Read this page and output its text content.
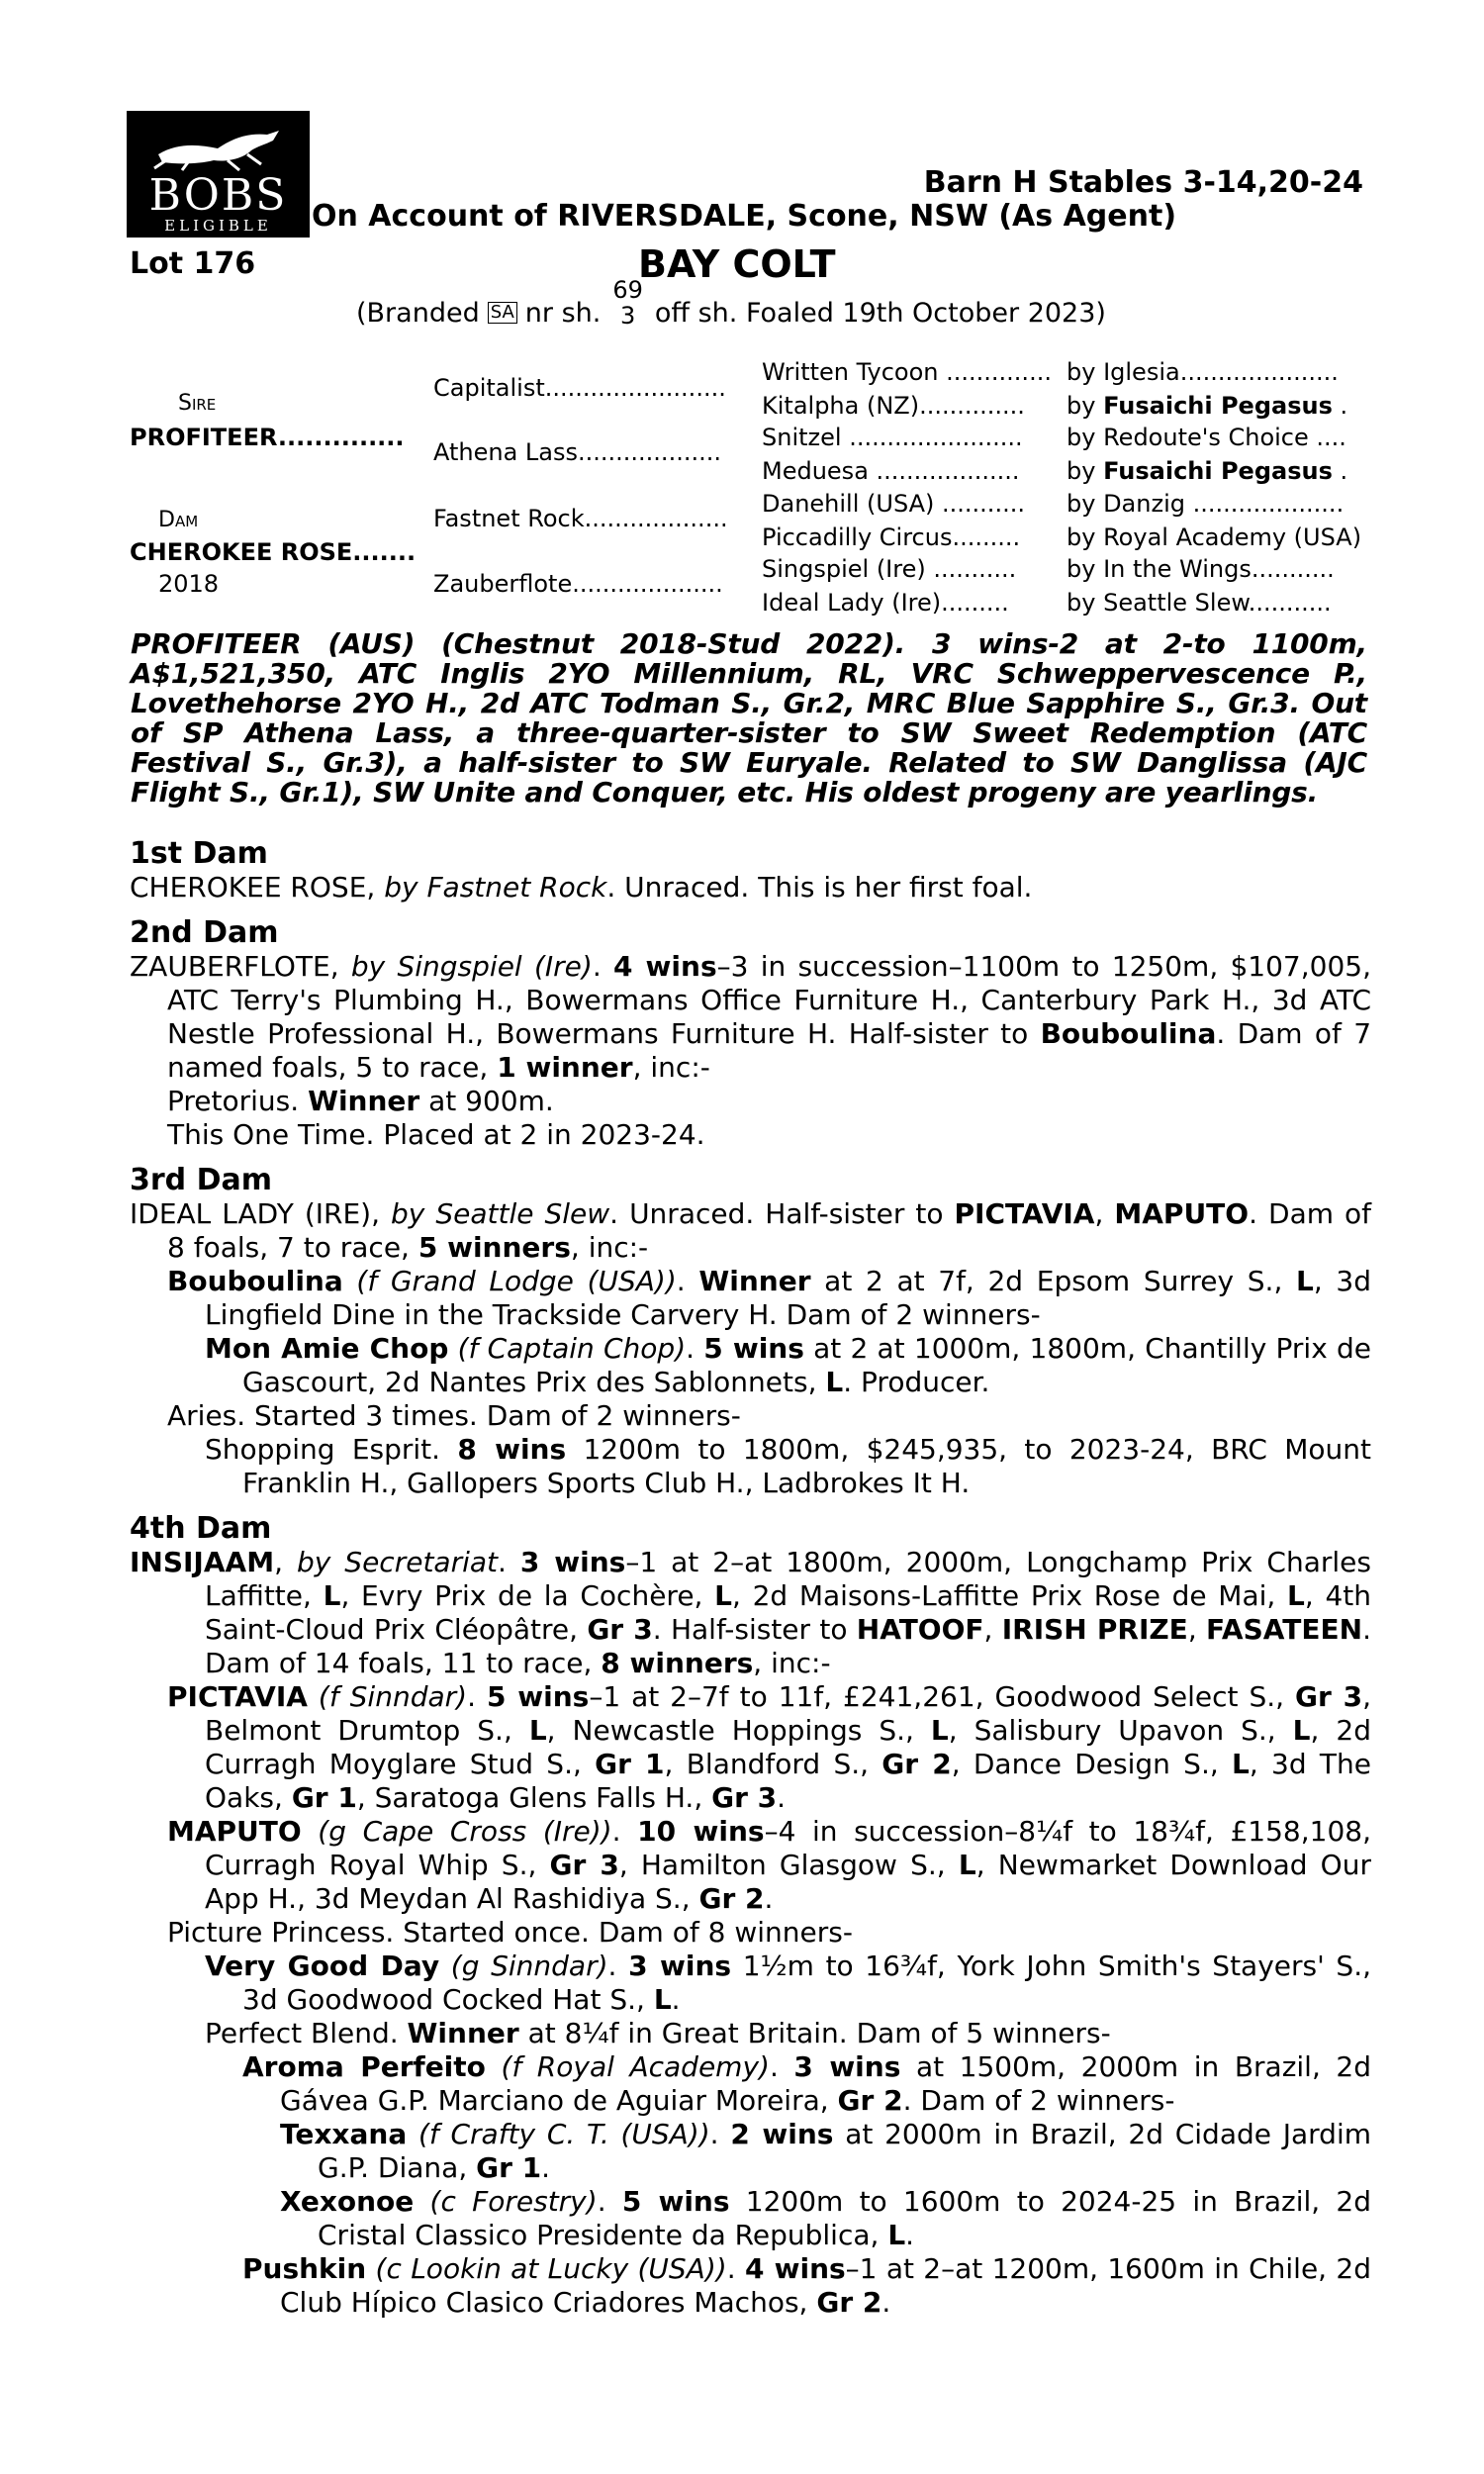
BOBS
ELIGIBLE
Barn H Stables 3-14,20-24
On Account of RIVERSDALE, Scone, NSW (As Agent)
Lot 176	BAY COLT
(Branded SA nr sh.
69
3 off sh. Foaled 19th October 2023)
Sire
PROFITEER..............
Dam
CHEROKEE ROSE.......
2018
Capitalist........................
Athena Lass...................
Fastnet Rock...................
Zauberflote....................
Written Tycoon ..............
Kitalpha (NZ)..............
Snitzel .......................
Meduesa ...................
Danehill (USA) ...........
Piccadilly Circus.........
Singspiel (Ire) ...........
Ideal Lady (Ire).........
by Iglesia.....................
by Fusaichi Pegasus .
by Redoute's Choice ....
by Fusaichi Pegasus .
by Danzig ....................
by Royal Academy (USA)
by In the Wings...........
by Seattle Slew...........
PROFITEER (AUS) (Chestnut 2018-Stud 2022). 3 wins-2 at 2-to 1100m, A$1,521,350, ATC Inglis 2YO Millennium, RL, VRC Schweppervescence P., Lovethehorse 2YO H., 2d ATC Todman S., Gr.2, MRC Blue Sapphire S., Gr.3. Out of SP Athena Lass, a three-quarter-sister to SW Sweet Redemption (ATC Festival S., Gr.3), a half-sister to SW Euryale. Related to SW Danglissa (AJC Flight S., Gr.1), SW Unite and Conquer, etc. His oldest progeny are yearlings.
1st Dam
CHEROKEE ROSE, by Fastnet Rock. Unraced. This is her first foal.
2nd Dam
ZAUBERFLOTE, by Singspiel (Ire). 4 wins–3 in succession–1100m to 1250m, $107,005, ATC Terry's Plumbing H., Bowermans Office Furniture H., Canterbury Park H., 3d ATC Nestle Professional H., Bowermans Furniture H. Half-sister to Bouboulina. Dam of 7 named foals, 5 to race, 1 winner, inc:-
Pretorius. Winner at 900m.
This One Time. Placed at 2 in 2023-24.
3rd Dam
IDEAL LADY (IRE), by Seattle Slew. Unraced. Half-sister to PICTAVIA, MAPUTO. Dam of 8 foals, 7 to race, 5 winners, inc:-
Bouboulina (f Grand Lodge (USA)). Winner at 2 at 7f, 2d Epsom Surrey S., L, 3d Lingfield Dine in the Trackside Carvery H. Dam of 2 winners-
Mon Amie Chop (f Captain Chop). 5 wins at 2 at 1000m, 1800m, Chantilly Prix de Gascourt, 2d Nantes Prix des Sablonnets, L. Producer.
Aries. Started 3 times. Dam of 2 winners-
Shopping Esprit. 8 wins 1200m to 1800m, $245,935, to 2023-24, BRC Mount Franklin H., Gallopers Sports Club H., Ladbrokes It H.
4th Dam
INSIJAAM, by Secretariat. 3 wins–1 at 2–at 1800m, 2000m, Longchamp Prix Charles Laffitte, L, Evry Prix de la Cochère, L, 2d Maisons-Laffitte Prix Rose de Mai, L, 4th Saint-Cloud Prix Cléopâtre, Gr 3. Half-sister to HATOOF, IRISH PRIZE, FASATEEN. Dam of 14 foals, 11 to race, 8 winners, inc:-
PICTAVIA (f Sinndar). 5 wins–1 at 2–7f to 11f, £241,261, Goodwood Select S., Gr 3, Belmont Drumtop S., L, Newcastle Hoppings S., L, Salisbury Upavon S., L, 2d Curragh Moyglare Stud S., Gr 1, Blandford S., Gr 2, Dance Design S., L, 3d The Oaks, Gr 1, Saratoga Glens Falls H., Gr 3.
MAPUTO (g Cape Cross (Ire)). 10 wins–4 in succession–8¼f to 18¾f, £158,108, Curragh Royal Whip S., Gr 3, Hamilton Glasgow S., L, Newmarket Download Our App H., 3d Meydan Al Rashidiya S., Gr 2.
Picture Princess. Started once. Dam of 8 winners-
Very Good Day (g Sinndar). 3 wins 1½m to 16¾f, York John Smith's Stayers' S., 3d Goodwood Cocked Hat S., L.
Perfect Blend. Winner at 8¼f in Great Britain. Dam of 5 winners-
Aroma Perfeito (f Royal Academy). 3 wins at 1500m, 2000m in Brazil, 2d Gávea G.P. Marciano de Aguiar Moreira, Gr 2. Dam of 2 winners-
Texxana (f Crafty C. T. (USA)). 2 wins at 2000m in Brazil, 2d Cidade Jardim G.P. Diana, Gr 1.
Xexonoe (c Forestry). 5 wins 1200m to 1600m to 2024-25 in Brazil, 2d Cristal Classico Presidente da Republica, L.
Pushkin (c Lookin at Lucky (USA)). 4 wins–1 at 2–at 1200m, 1600m in Chile, 2d Club Hípico Clasico Criadores Machos, Gr 2.
